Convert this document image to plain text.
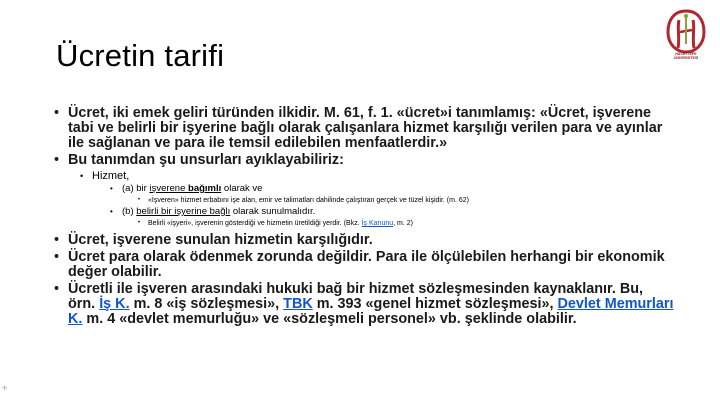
Ücretin tarifi	HACETTEPE
ÜNİVERSİTESİ
• Ücret, iki emek geliri türünden ilkidir. M. 61, f. 1. «ücret»i tanımlamış: «Ücret, işverene tabi ve belirli bir işyerine bağlı olarak çalışanlara hizmet karşılığı verilen para ve ayınlar ile sağlanan ve para ile temsil edilebilen menfaatlerdir.»
• Bu tanımdan şu unsurları ayıklayabiliriz:
• Hizmet,
• (a) bir işverene bağımlı olarak ve
• «İşveren» hizmet erbabını işe alan, emir ve talimatları dahilinde çalıştıran gerçek ve tüzel kişidir. (m. 62)
• (b) belirli bir işyerine bağlı olarak sunulmalıdır.
• Belirli «işyeri», işverenin gösterdiği ve hizmetin üretildiği yerdir. (Bkz. İş Kanunu, m. 2)
• Ücret, işverene sunulan hizmetin karşılığıdır.
• Ücret para olarak ödenmek zorunda değildir. Para ile ölçülebilen herhangi bir ekonomik değer olabilir.
• Ücretli ile işveren arasındaki hukuki bağ bir hizmet sözleşmesinden kaynaklanır. Bu, örn. İş K. m. 8 «iş sözleşmesi», TBK m. 393 «genel hizmet sözleşmesi», Devlet Memurları K. m. 4 «devlet memurluğu» ve «sözleşmeli personel» vb. şeklinde olabilir.
✣
